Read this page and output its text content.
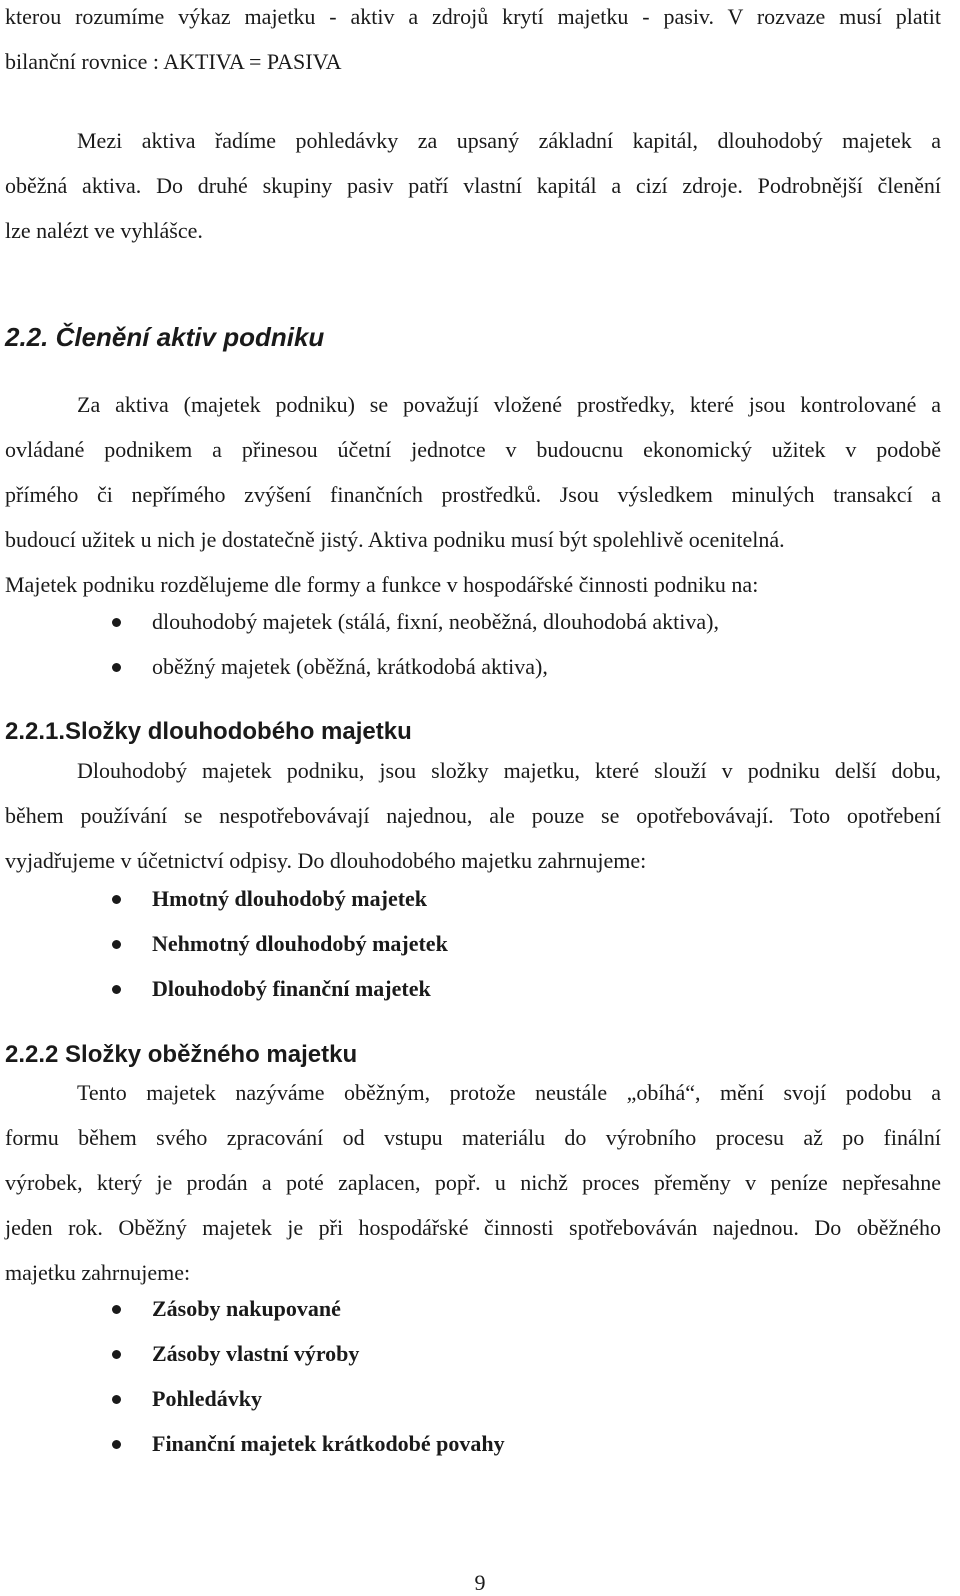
kterou rozumíme výkaz majetku - aktiv a zdrojů krytí majetku - pasiv. V rozvaze musí platit
bilanční rovnice : AKTIVA = PASIVA
Mezi aktiva řadíme pohledávky za upsaný základní kapitál, dlouhodobý majetek a
oběžná aktiva. Do druhé skupiny pasiv patří vlastní kapitál a cizí zdroje. Podrobnější členění
lze nalézt ve vyhlášce.
2.2. Členění aktiv podniku
Za aktiva (majetek podniku) se považují vložené prostředky, které jsou kontrolované a
ovládané podnikem a přinesou účetní jednotce v budoucnu ekonomický užitek v podobě
přímého či nepřímého zvýšení finančních prostředků. Jsou výsledkem minulých transakcí a
budoucí užitek u nich je dostatečně jistý. Aktiva podniku musí být spolehlivě ocenitelná.
Majetek podniku rozdělujeme dle formy a funkce v hospodářské činnosti podniku na:
dlouhodobý majetek (stálá, fixní, neoběžná, dlouhodobá aktiva),
oběžný majetek (oběžná, krátkodobá aktiva),
2.2.1.Složky dlouhodobého majetku
Dlouhodobý majetek podniku, jsou složky majetku, které slouží v podniku delší dobu,
během používání se nespotřebovávají najednou, ale pouze se opotřebovávají. Toto opotřebení
vyjadřujeme v účetnictví odpisy. Do dlouhodobého majetku zahrnujeme:
Hmotný dlouhodobý majetek
Nehmotný dlouhodobý majetek
Dlouhodobý finanční majetek
2.2.2 Složky oběžného majetku
Tento majetek nazýváme oběžným, protože neustále „obíhá“, mění svojí podobu a
formu během svého zpracování od vstupu materiálu do výrobního procesu až po finální
výrobek, který je prodán a poté zaplacen, popř. u nichž proces přeměny v peníze nepřesahne
jeden rok. Oběžný majetek je při hospodářské činnosti spotřebováván najednou. Do oběžného
majetku zahrnujeme:
Zásoby nakupované
Zásoby vlastní výroby
Pohledávky
Finanční majetek krátkodobé povahy
9
